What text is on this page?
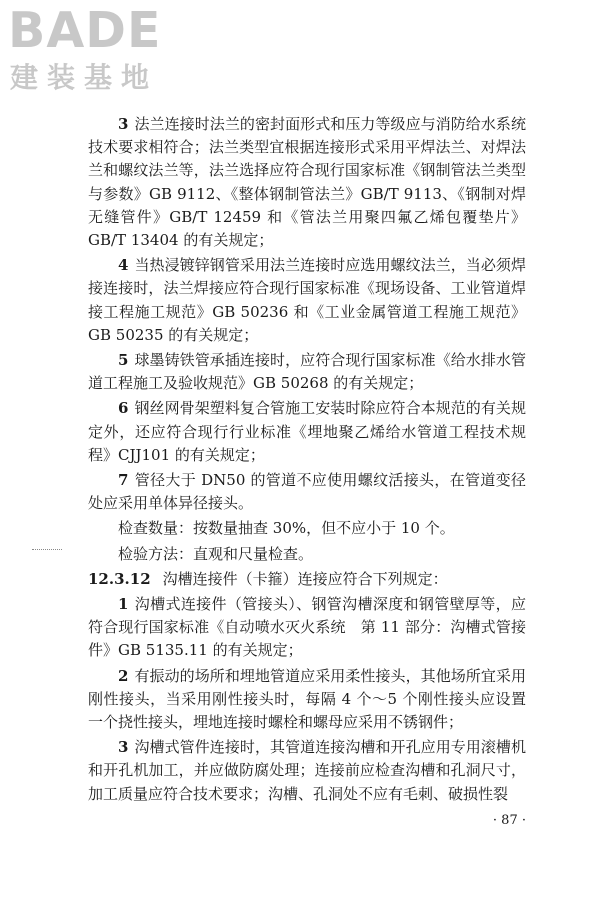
BADE
建装基地

3 法兰连接时法兰的密封面形式和压力等级应与消防给水系统技术要求相符合；法兰类型宜根据连接形式采用平焊法兰、对焊法兰和螺纹法兰等，法兰选择应符合现行国家标准《钢制管法兰类型与参数》GB 9112、《整体钢制管法兰》GB/T 9113、《钢制对焊无缝管件》GB/T 12459 和《管法兰用聚四氟乙烯包覆垫片》GB/T 13404 的有关规定；

4 当热浸镀锌钢管采用法兰连接时应选用螺纹法兰，当必须焊接连接时，法兰焊接应符合现行国家标准《现场设备、工业管道焊接工程施工规范》GB 50236 和《工业金属管道工程施工规范》GB 50235 的有关规定；

5 球墨铸铁管承插连接时，应符合现行国家标准《给水排水管道工程施工及验收规范》GB 50268 的有关规定；

6 钢丝网骨架塑料复合管施工安装时除应符合本规范的有关规定外，还应符合现行行业标准《埋地聚乙烯给水管道工程技术规程》CJJ101 的有关规定；

7 管径大于 DN50 的管道不应使用螺纹活接头，在管道变径处应采用单体异径接头。

检查数量：按数量抽查 30%，但不应小于 10 个。

检验方法：直观和尺量检查。

12.3.12 沟槽连接件（卡箍）连接应符合下列规定：

1 沟槽式连接件（管接头）、钢管沟槽深度和钢管壁厚等，应符合现行国家标准《自动喷水灭火系统　第 11 部分：沟槽式管接件》GB 5135.11 的有关规定；

2 有振动的场所和埋地管道应采用柔性接头，其他场所宜采用刚性接头，当采用刚性接头时，每隔 4 个～5 个刚性接头应设置一个挠性接头，埋地连接时螺栓和螺母应采用不锈钢件；

3 沟槽式管件连接时，其管道连接沟槽和开孔应用专用滚槽机和开孔机加工，并应做防腐处理；连接前应检查沟槽和孔洞尺寸，加工质量应符合技术要求；沟槽、孔洞处不应有毛刺、破损性裂

· 87 ·
